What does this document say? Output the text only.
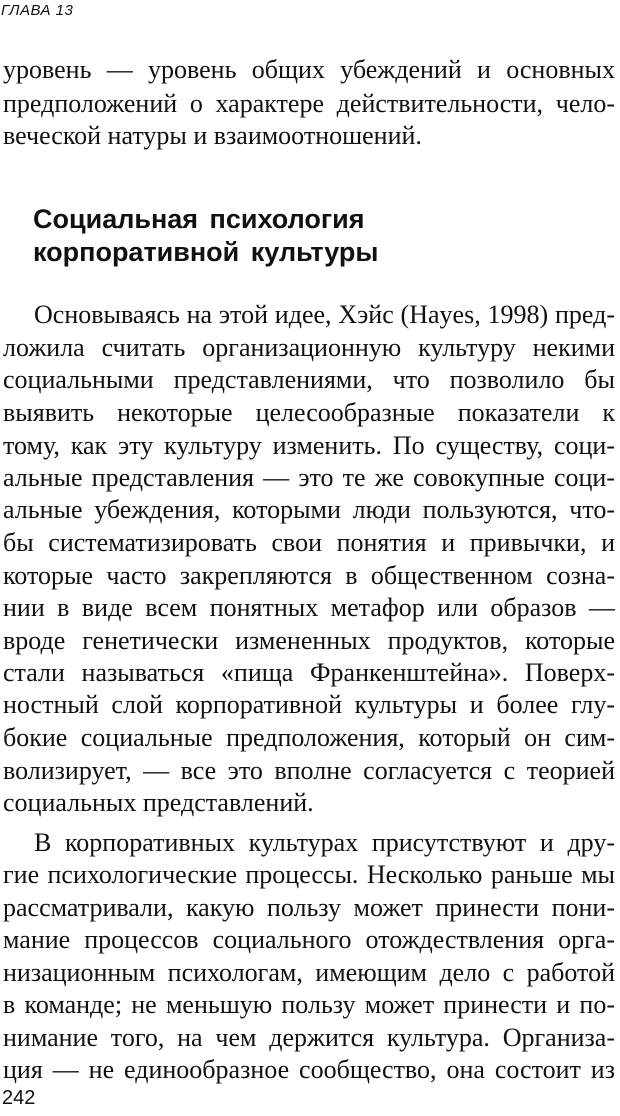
ГЛАВА 13
уровень — уровень общих убеждений и основных
предположений о характере действительности, чело-
веческой натуры и взаимоотношений.
Социальная психология
корпоративной культуры
Основываясь на этой идее, Хэйс (Hayes, 1998) пред-
ложила считать организационную культуру некими
социальными представлениями, что позволило бы
выявить некоторые целесообразные показатели к
тому, как эту культуру изменить. По существу, соци-
альные представления — это те же совокупные соци-
альные убеждения, которыми люди пользуются, что-
бы систематизировать свои понятия и привычки, и
которые часто закрепляются в общественном созна-
нии в виде всем понятных метафор или образов —
вроде генетически измененных продуктов, которые
стали называться «пища Франкенштейна». Поверх-
ностный слой корпоративной культуры и более глу-
бокие социальные предположения, который он сим-
волизирует, — все это вполне согласуется с теорией
социальных представлений.
В корпоративных культурах присутствуют и дру-
гие психологические процессы. Несколько раньше мы
рассматривали, какую пользу может принести пони-
мание процессов социального отождествления орга-
низационным психологам, имеющим дело с работой
в команде; не меньшую пользу может принести и по-
нимание того, на чем держится культура. Организа-
ция — не единообразное сообщество, она состоит из
242
